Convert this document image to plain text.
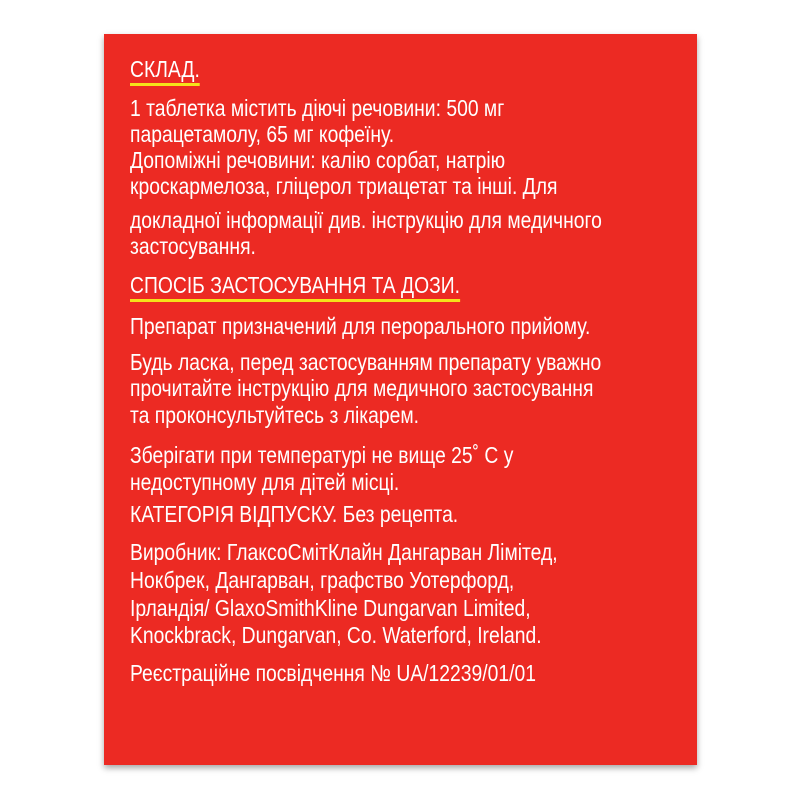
СКЛАД.
1 таблетка містить діючі речовини: 500 мг
парацетамолу, 65 мг кофеїну.
Допоміжні речовини: калію сорбат, натрію
кроскармелоза, гліцерол триацетат та інші. Для
докладної інформації див. інструкцію для медичного
застосування.
СПОСІБ ЗАСТОСУВАННЯ ТА ДОЗИ.
Препарат призначений для перорального прийому.
Будь ласка, перед застосуванням препарату уважно
прочитайте інструкцію для медичного застосування
та проконсультуйтесь з лікарем.
Зберігати при температурі не вище 25˚ С у
недоступному для дітей місці.
КАТЕГОРІЯ ВІДПУСКУ. Без рецепта.
Виробник: ГлаксоСмітКлайн Дангарван Лімітед,
Нокбрек, Дангарван, графство Уотерфорд,
Ірландія/ GlaxoSmithKline Dungarvan Limited,
Knockbrack, Dungarvan, Co. Waterford, Ireland.
Реєстраційне посвідчення № UA/12239/01/01
